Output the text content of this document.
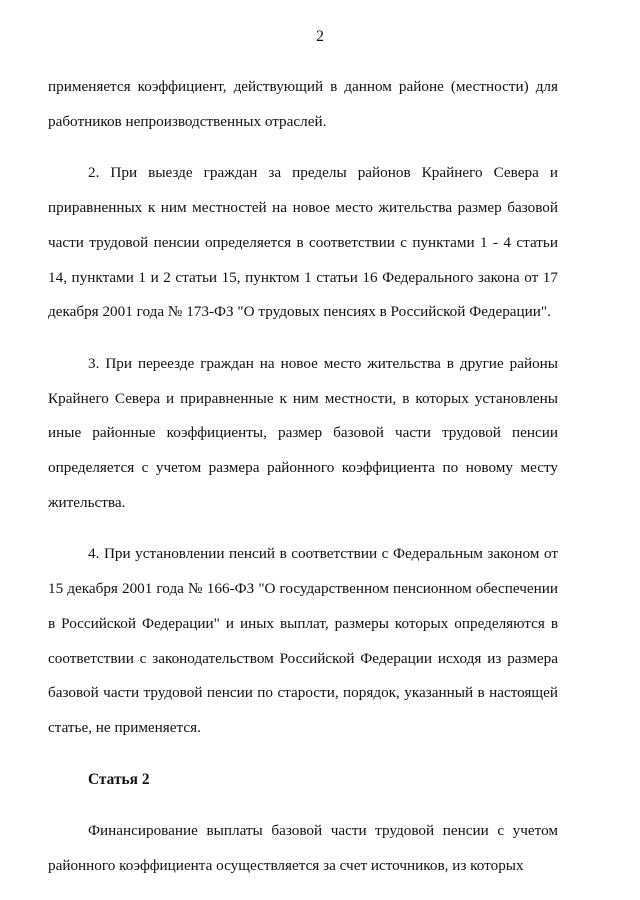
2

применяется коэффициент, действующий в данном районе (местности) для работников непроизводственных отраслей.

2. При выезде граждан за пределы районов Крайнего Севера и приравненных к ним местностей на новое место жительства размер базовой части трудовой пенсии определяется в соответствии с пунктами 1 - 4 статьи 14, пунктами 1 и 2 статьи 15, пунктом 1 статьи 16 Федерального закона от 17 декабря 2001 года № 173-ФЗ "О трудовых пенсиях в Российской Федерации".

3. При переезде граждан на новое место жительства в другие районы Крайнего Севера и приравненные к ним местности, в которых установлены иные районные коэффициенты, размер базовой части трудовой пенсии определяется с учетом размера районного коэффициента по новому месту жительства.

4. При установлении пенсий в соответствии с Федеральным законом от 15 декабря 2001 года № 166-ФЗ "О государственном пенсионном обеспечении в Российской Федерации" и иных выплат, размеры которых определяются в соответствии с законодательством Российской Федерации исходя из размера базовой части трудовой пенсии по старости, порядок, указанный в настоящей статье, не применяется.

Статья 2

Финансирование выплаты базовой части трудовой пенсии с учетом районного коэффициента осуществляется за счет источников, из которых
